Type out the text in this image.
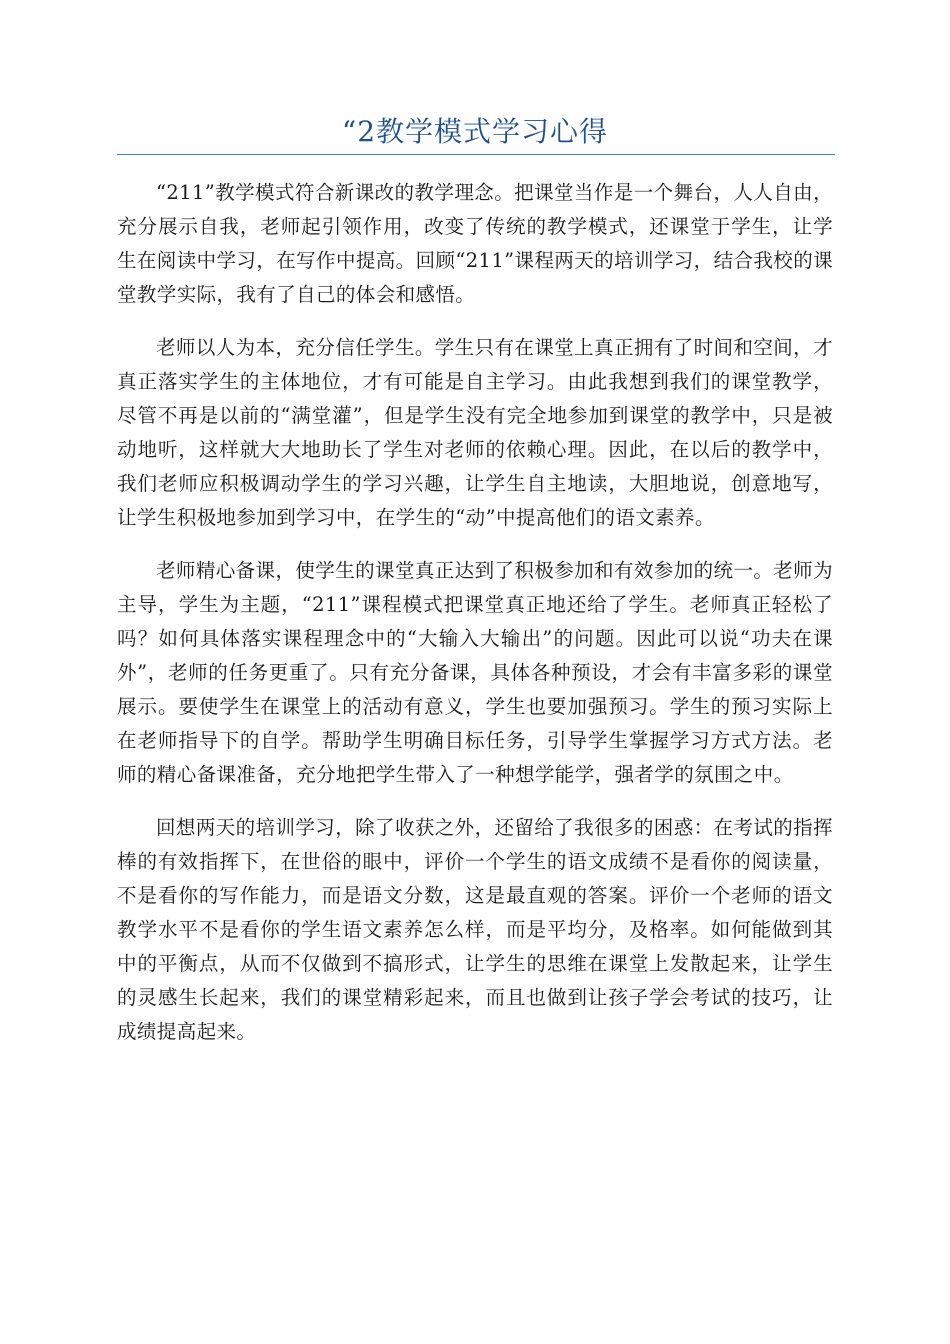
“2教学模式学习心得

“211”教学模式符合新课改的教学理念。把课堂当作是一个舞台，人人自由，充分展示自我，老师起引领作用，改变了传统的教学模式，还课堂于学生，让学生在阅读中学习，在写作中提高。回顾“211”课程两天的培训学习，结合我校的课堂教学实际，我有了自己的体会和感悟。

老师以人为本，充分信任学生。学生只有在课堂上真正拥有了时间和空间，才真正落实学生的主体地位，才有可能是自主学习。由此我想到我们的课堂教学，尽管不再是以前的“满堂灌”，但是学生没有完全地参加到课堂的教学中，只是被动地听，这样就大大地助长了学生对老师的依赖心理。因此，在以后的教学中，我们老师应积极调动学生的学习兴趣，让学生自主地读，大胆地说，创意地写，让学生积极地参加到学习中，在学生的“动”中提高他们的语文素养。

老师精心备课，使学生的课堂真正达到了积极参加和有效参加的统一。老师为主导，学生为主题，“211”课程模式把课堂真正地还给了学生。老师真正轻松了吗？如何具体落实课程理念中的“大输入大输出”的问题。因此可以说“功夫在课外”，老师的任务更重了。只有充分备课，具体各种预设，才会有丰富多彩的课堂展示。要使学生在课堂上的活动有意义，学生也要加强预习。学生的预习实际上在老师指导下的自学。帮助学生明确目标任务，引导学生掌握学习方式方法。老师的精心备课准备，充分地把学生带入了一种想学能学，强者学的氛围之中。

回想两天的培训学习，除了收获之外，还留给了我很多的困惑：在考试的指挥棒的有效指挥下，在世俗的眼中，评价一个学生的语文成绩不是看你的阅读量，不是看你的写作能力，而是语文分数，这是最直观的答案。评价一个老师的语文教学水平不是看你的学生语文素养怎么样，而是平均分，及格率。如何能做到其中的平衡点，从而不仅做到不搞形式，让学生的思维在课堂上发散起来，让学生的灵感生长起来，我们的课堂精彩起来，而且也做到让孩子学会考试的技巧，让成绩提高起来。
